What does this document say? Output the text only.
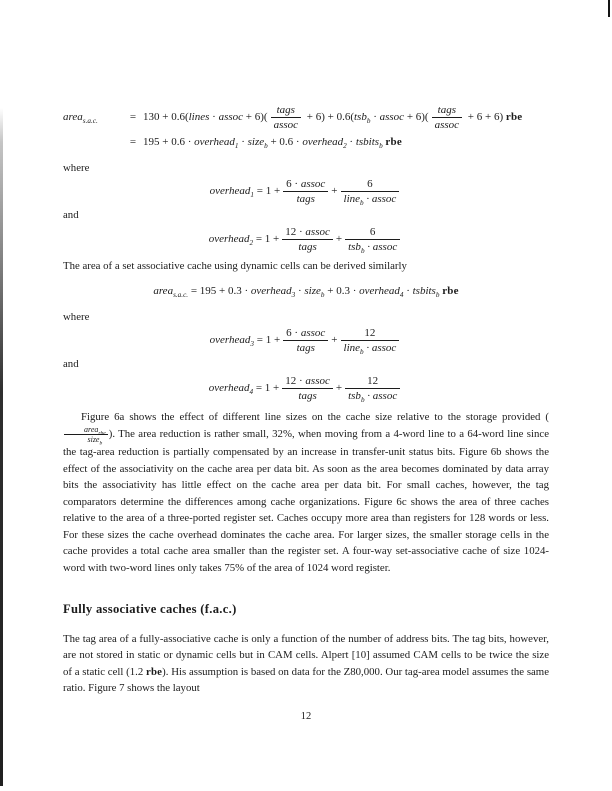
area$_{s.a.c.}$	= 130 + 0.6(lines · assoc + $6)( \frac{\text{tags}}{\text{assoc}} + 6) + 0.6(tsb_b$ · assoc + $6)( \frac{\text{tags}}{\text{assoc}} + 6 + 6)$ rbe
= 195 + 0.6 · overhead$_1$ · size$_b$ + 0.6 · overhead$_2$ · tsbits$_b$ rbe
where
overhead$_1$ = $1 + \frac{\text{6 · assoc}}{\text{tags}} + \frac{6}{line_b \cdot assoc}$
and
overhead$_2$ = $1 + \frac{\text{12 · assoc}}{\text{tags}} + \frac{6}{tsb_b \cdot assoc}$
The area of a set associative cache using dynamic cells can be derived similarly
area$_{s.a.c.}$ = 195 + 0.3 · overhead$_3$ · size$_b$ + 0.3 · overhead$_4$ · tsbits$_b$ rbe
where
overhead$_3$ = $1 + \frac{\text{6 · assoc}}{\text{tags}} + \frac{12}{line_b \cdot assoc}$
and
overhead$_4$ = $1 + \frac{\text{12 · assoc}}{\text{tags}} + \frac{12}{tsb_b \cdot assoc}$
Figure 6a shows the effect of different line sizes on the cache size relative to the storage provided (
$\frac{area_{rbe}}{size_b}$ ). The area reduction is rather small, 32%, when moving from a 4-word line to a 64-word line since the tag-area reduction is partially compensated by an increase in transfer-unit status bits. Figure 6b shows the effect of the associativity on the cache area per data bit. As soon as the area becomes dominated by data array bits the associativity has little effect on the cache area per data bit. For small caches, however, the tag comparators determine the differences among cache organizations. Figure 6c shows the area of three caches relative to the area of a three-ported register set. Caches occupy more area than registers for 128 words or less. For these sizes the cache overhead dominates the cache area. For larger sizes, the smaller storage cells in the cache provides a total cache area smaller than the register set. A four-way set-associative cache of size 1024-word with two-word lines only takes 75% of the area of 1024 word register.
Fully associative caches (f.a.c.)
The tag area of a fully-associative cache is only a function of the number of address bits. The tag bits, however, are not stored in static or dynamic cells but in CAM cells. Alpert [10] assumed CAM cells to be twice the size of a static cell (1.2 rbe). His assumption is based on data for the Z80,000. Our tag-area model assumes the same ratio. Figure 7 shows the layout
12
